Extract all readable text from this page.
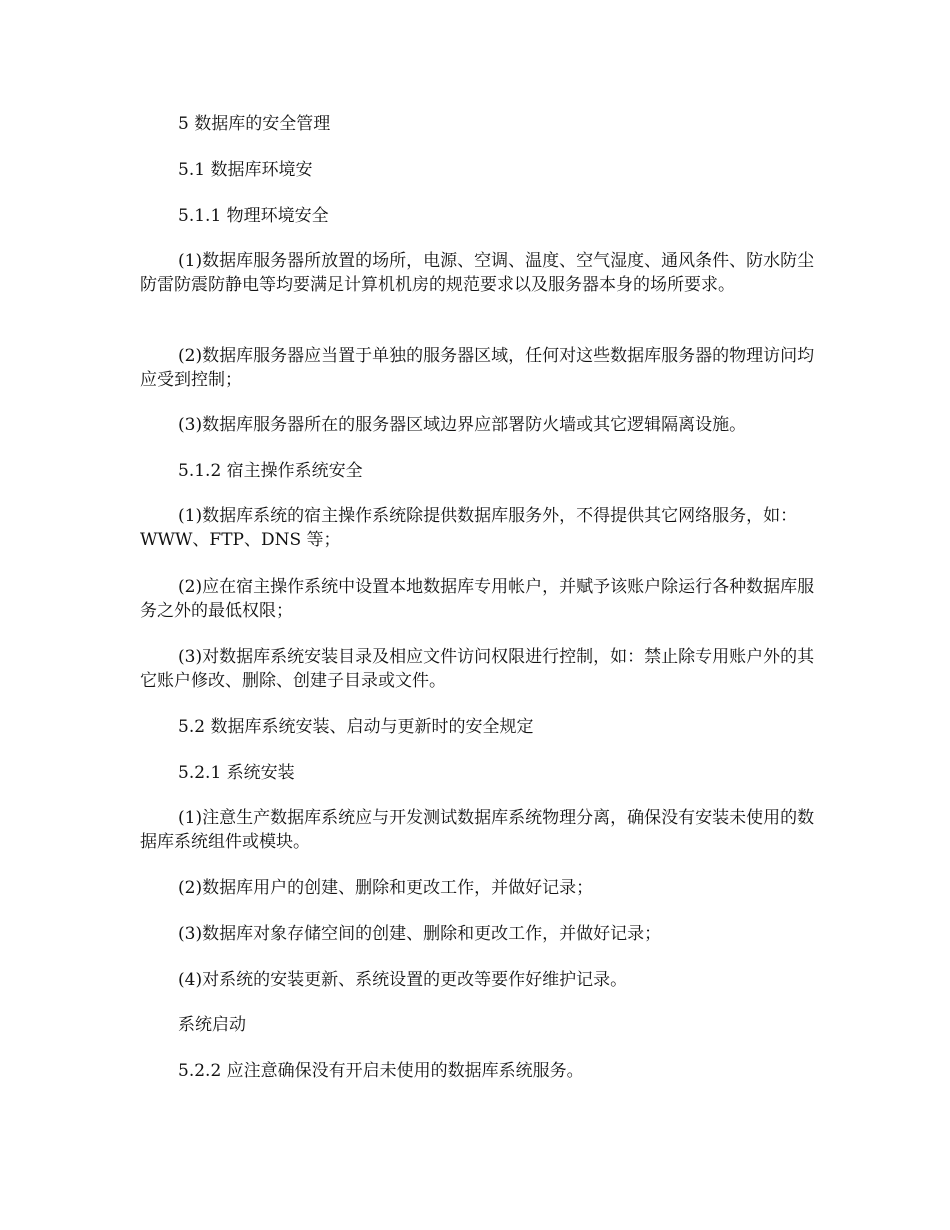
5 数据库的安全管理

5.1 数据库环境安

5.1.1 物理环境安全

(1)数据库服务器所放置的场所，电源、空调、温度、空气湿度、通风条件、防水防尘防雷防震防静电等均要满足计算机机房的规范要求以及服务器本身的场所要求。

(2)数据库服务器应当置于单独的服务器区域，任何对这些数据库服务器的物理访问均应受到控制；

(3)数据库服务器所在的服务器区域边界应部署防火墙或其它逻辑隔离设施。

5.1.2 宿主操作系统安全

(1)数据库系统的宿主操作系统除提供数据库服务外，不得提供其它网络服务，如：WWW、FTP、DNS 等；

(2)应在宿主操作系统中设置本地数据库专用帐户，并赋予该账户除运行各种数据库服务之外的最低权限；

(3)对数据库系统安装目录及相应文件访问权限进行控制，如：禁止除专用账户外的其它账户修改、删除、创建子目录或文件。

5.2 数据库系统安装、启动与更新时的安全规定

5.2.1 系统安装

(1)注意生产数据库系统应与开发测试数据库系统物理分离，确保没有安装未使用的数据库系统组件或模块。

(2)数据库用户的创建、删除和更改工作，并做好记录；

(3)数据库对象存储空间的创建、删除和更改工作，并做好记录；

(4)对系统的安装更新、系统设置的更改等要作好维护记录。

系统启动

5.2.2 应注意确保没有开启未使用的数据库系统服务。
